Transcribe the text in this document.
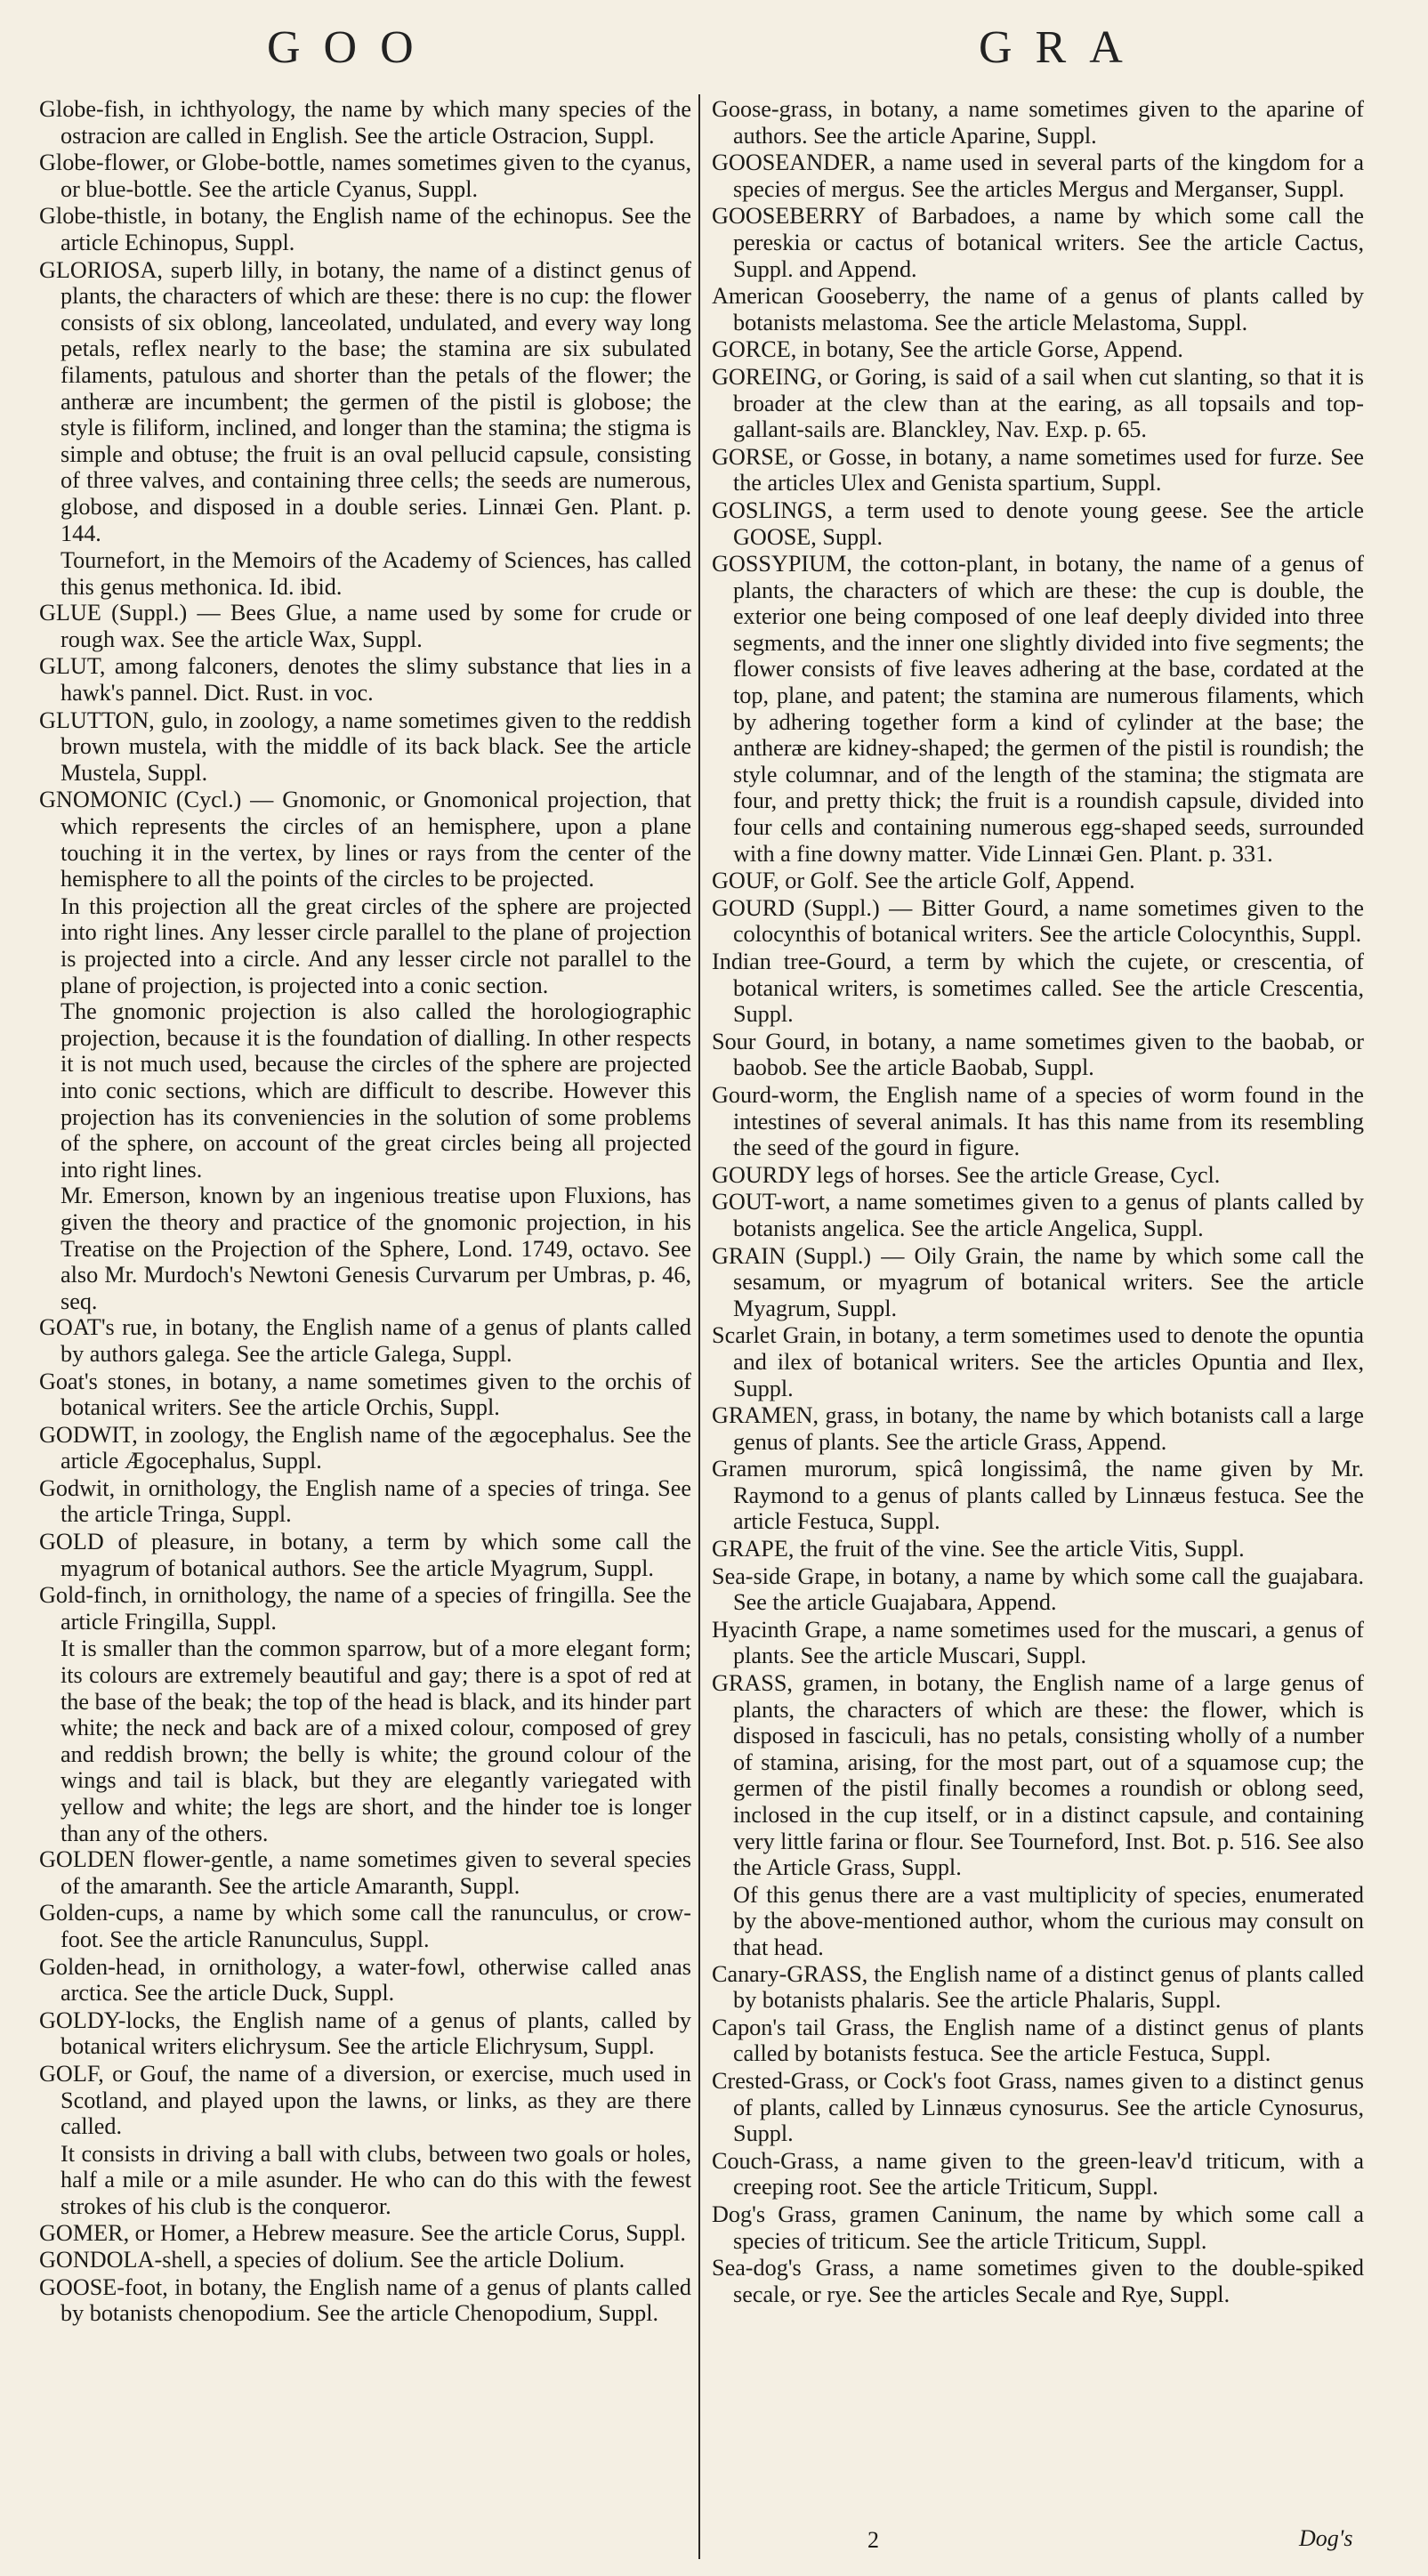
GOO	GRA

Globe-fish, in ichthyology, the name by which many species of the ostracion are called in English. See the article Ostracion, Suppl.

Globe-flower, or Globe-bottle, names sometimes given to the cyanus, or blue-bottle. See the article Cyanus, Suppl.

Globe-thistle, in botany, the English name of the echinopus. See the article Echinopus, Suppl.

GLORIOSA, superb lilly, in botany, the name of a distinct genus of plants, the characters of which are these: there is no cup: the flower consists of six oblong, lanceolated, undulated, and every way long petals, reflex nearly to the base; the stamina are six subulated filaments, patulous and shorter than the petals of the flower; the antheræ are incumbent; the germen of the pistil is globose; the style is filiform, inclined, and longer than the stamina; the stigma is simple and obtuse; the fruit is an oval pellucid capsule, consisting of three valves, and containing three cells; the seeds are numerous, globose, and disposed in a double series. Linnæi Gen. Plant. p. 144.

Tournefort, in the Memoirs of the Academy of Sciences, has called this genus methonica. Id. ibid.

GLUE (Suppl.) — Bees Glue, a name used by some for crude or rough wax. See the article Wax, Suppl.

GLUT, among falconers, denotes the slimy substance that lies in a hawk's pannel. Dict. Rust. in voc.

GLUTTON, gulo, in zoology, a name sometimes given to the reddish brown mustela, with the middle of its back black. See the article Mustela, Suppl.

GNOMONIC (Cycl.) — Gnomonic, or Gnomonical projection, that which represents the circles of an hemisphere, upon a plane touching it in the vertex, by lines or rays from the center of the hemisphere to all the points of the circles to be projected.

In this projection all the great circles of the sphere are projected into right lines. Any lesser circle parallel to the plane of projection is projected into a circle. And any lesser circle not parallel to the plane of projection, is projected into a conic section.

The gnomonic projection is also called the horologiographic projection, because it is the foundation of dialling. In other respects it is not much used, because the circles of the sphere are projected into conic sections, which are difficult to describe. However this projection has its conveniencies in the solution of some problems of the sphere, on account of the great circles being all projected into right lines.

Mr. Emerson, known by an ingenious treatise upon Fluxions, has given the theory and practice of the gnomonic projection, in his Treatise on the Projection of the Sphere, Lond. 1749, octavo. See also Mr. Murdoch's Newtoni Genesis Curvarum per Umbras, p. 46, seq.

GOAT's rue, in botany, the English name of a genus of plants called by authors galega. See the article Galega, Suppl.

Goat's stones, in botany, a name sometimes given to the orchis of botanical writers. See the article Orchis, Suppl.

GODWIT, in zoology, the English name of the ægocephalus. See the article Ægocephalus, Suppl.

Godwit, in ornithology, the English name of a species of tringa. See the article Tringa, Suppl.

GOLD of pleasure, in botany, a term by which some call the myagrum of botanical authors. See the article Myagrum, Suppl.

Gold-finch, in ornithology, the name of a species of fringilla. See the article Fringilla, Suppl.

It is smaller than the common sparrow, but of a more elegant form; its colours are extremely beautiful and gay; there is a spot of red at the base of the beak; the top of the head is black, and its hinder part white; the neck and back are of a mixed colour, composed of grey and reddish brown; the belly is white; the ground colour of the wings and tail is black, but they are elegantly variegated with yellow and white; the legs are short, and the hinder toe is longer than any of the others.

GOLDEN flower-gentle, a name sometimes given to several species of the amaranth. See the article Amaranth, Suppl.

Golden-cups, a name by which some call the ranunculus, or crow-foot. See the article Ranunculus, Suppl.

Golden-head, in ornithology, a water-fowl, otherwise called anas arctica. See the article Duck, Suppl.

GOLDY-locks, the English name of a genus of plants, called by botanical writers elichrysum. See the article Elichrysum, Suppl.

GOLF, or Gouf, the name of a diversion, or exercise, much used in Scotland, and played upon the lawns, or links, as they are there called.

It consists in driving a ball with clubs, between two goals or holes, half a mile or a mile asunder. He who can do this with the fewest strokes of his club is the conqueror.

GOMER, or Homer, a Hebrew measure. See the article Corus, Suppl.

GONDOLA-shell, a species of dolium. See the article Dolium.

GOOSE-foot, in botany, the English name of a genus of plants called by botanists chenopodium. See the article Chenopodium, Suppl.

Goose-grass, in botany, a name sometimes given to the aparine of authors. See the article Aparine, Suppl.

GOOSEANDER, a name used in several parts of the kingdom for a species of mergus. See the articles Mergus and Merganser, Suppl.

GOOSEBERRY of Barbadoes, a name by which some call the pereskia or cactus of botanical writers. See the article Cactus, Suppl. and Append.

American Gooseberry, the name of a genus of plants called by botanists melastoma. See the article Melastoma, Suppl.

GORCE, in botany, See the article Gorse, Append.

GOREING, or Goring, is said of a sail when cut slanting, so that it is broader at the clew than at the earing, as all topsails and top-gallant-sails are. Blanckley, Nav. Exp. p. 65.

GORSE, or Gosse, in botany, a name sometimes used for furze. See the articles Ulex and Genista spartium, Suppl.

GOSLINGS, a term used to denote young geese. See the article GOOSE, Suppl.

GOSSYPIUM, the cotton-plant, in botany, the name of a genus of plants, the characters of which are these: the cup is double, the exterior one being composed of one leaf deeply divided into three segments, and the inner one slightly divided into five segments; the flower consists of five leaves adhering at the base, cordated at the top, plane, and patent; the stamina are numerous filaments, which by adhering together form a kind of cylinder at the base; the antheræ are kidney-shaped; the germen of the pistil is roundish; the style columnar, and of the length of the stamina; the stigmata are four, and pretty thick; the fruit is a roundish capsule, divided into four cells and containing numerous egg-shaped seeds, surrounded with a fine downy matter. Vide Linnæi Gen. Plant. p. 331.

GOUF, or Golf. See the article Golf, Append.

GOURD (Suppl.) — Bitter Gourd, a name sometimes given to the colocynthis of botanical writers. See the article Colocynthis, Suppl.

Indian tree-Gourd, a term by which the cujete, or crescentia, of botanical writers, is sometimes called. See the article Crescentia, Suppl.

Sour Gourd, in botany, a name sometimes given to the baobab, or baobob. See the article Baobab, Suppl.

Gourd-worm, the English name of a species of worm found in the intestines of several animals. It has this name from its resembling the seed of the gourd in figure.

GOURDY legs of horses. See the article Grease, Cycl.

GOUT-wort, a name sometimes given to a genus of plants called by botanists angelica. See the article Angelica, Suppl.

GRAIN (Suppl.) — Oily Grain, the name by which some call the sesamum, or myagrum of botanical writers. See the article Myagrum, Suppl.

Scarlet Grain, in botany, a term sometimes used to denote the opuntia and ilex of botanical writers. See the articles Opuntia and Ilex, Suppl.

GRAMEN, grass, in botany, the name by which botanists call a large genus of plants. See the article Grass, Append.

Gramen murorum, spicâ longissimâ, the name given by Mr. Raymond to a genus of plants called by Linnæus festuca. See the article Festuca, Suppl.

GRAPE, the fruit of the vine. See the article Vitis, Suppl.

Sea-side Grape, in botany, a name by which some call the guajabara. See the article Guajabara, Append.

Hyacinth Grape, a name sometimes used for the muscari, a genus of plants. See the article Muscari, Suppl.

GRASS, gramen, in botany, the English name of a large genus of plants, the characters of which are these: the flower, which is disposed in fasciculi, has no petals, consisting wholly of a number of stamina, arising, for the most part, out of a squamose cup; the germen of the pistil finally becomes a roundish or oblong seed, inclosed in the cup itself, or in a distinct capsule, and containing very little farina or flour. See Tourneford, Inst. Bot. p. 516. See also the Article Grass, Suppl.

Of this genus there are a vast multiplicity of species, enumerated by the above-mentioned author, whom the curious may consult on that head.

Canary-GRASS, the English name of a distinct genus of plants called by botanists phalaris. See the article Phalaris, Suppl.

Capon's tail Grass, the English name of a distinct genus of plants called by botanists festuca. See the article Festuca, Suppl.

Crested-Grass, or Cock's foot Grass, names given to a distinct genus of plants, called by Linnæus cynosurus. See the article Cynosurus, Suppl.

Couch-Grass, a name given to the green-leav'd triticum, with a creeping root. See the article Triticum, Suppl.

Dog's Grass, gramen Caninum, the name by which some call a species of triticum. See the article Triticum, Suppl.

Sea-dog's Grass, a name sometimes given to the double-spiked secale, or rye. See the articles Secale and Rye, Suppl.

2	Dog's
